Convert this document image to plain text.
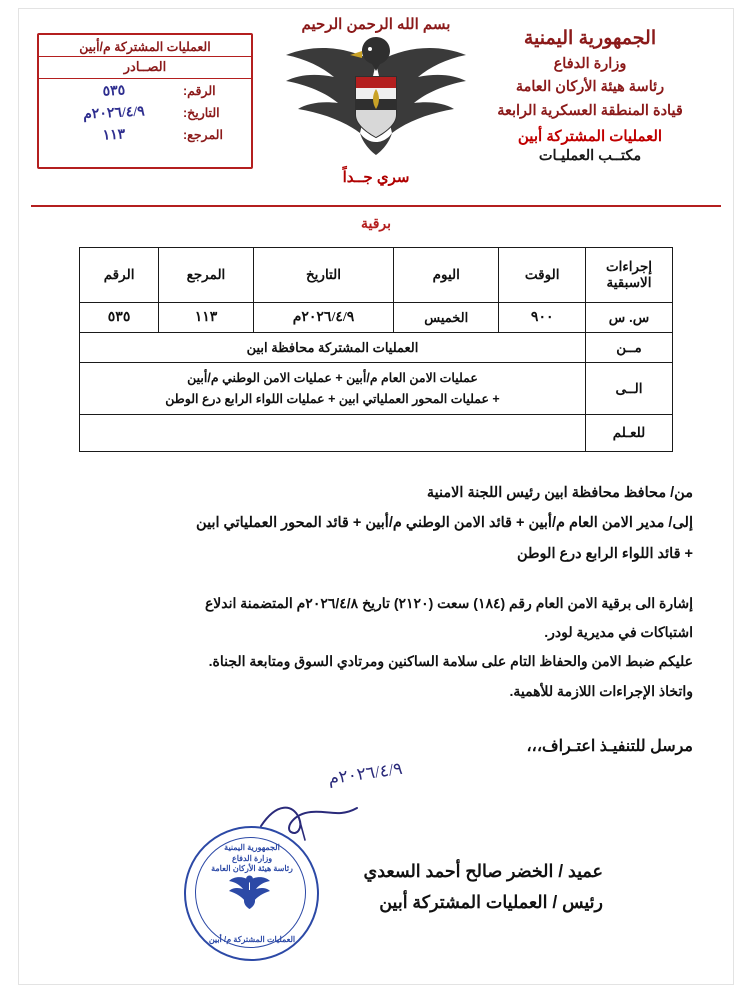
الجمهورية اليمنية
وزارة الدفاع
رئاسة هيئة الأركان العامة
قيادة المنطقة العسكرية الرابعة
العمليات المشتركة أبين
مكتــب العمليـات
بسم الله الرحمن الرحيم
سري جــداً
العمليات المشتركة م/أبين
الصــادر
الرقم:
٥٣٥
التاريخ:
٢٠٢٦/٤/٩م
المرجع:
١١٣
برقية
إجراءات الاسبقية	الوقت	اليوم	التاريخ	المرجع	الرقم
س. س	٩٠٠	الخميس	٢٠٢٦/٤/٩م	١١٣	٥٣٥
مــن	العمليات المشتركة محافظة ابين				
الــى	عمليات الامن العام م/أبين + عمليات الامن الوطني م/أبين
+ عمليات المحور العملياتي ابين + عمليات اللواء الرابع درع الوطن				

للعـلم					
من/ محافظ محافظة ابين رئيس اللجنة الامنية
إلى/ مدير الامن العام م/أبين + قائد الامن الوطني م/أبين + قائد المحور العملياتي ابين
+ قائد اللواء الرابع درع الوطن
إشارة الى برقية الامن العام رقم (١٨٤) سعت (٢١٢٠) تاريخ ٢٠٢٦/٤/٨م المتضمنة اندلاع
اشتباكات في مديرية لودر.
عليكم ضبط الامن والحفاظ التام على سلامة الساكنين ومرتادي السوق ومتابعة الجناة.
واتخاذ الإجراءات اللازمة للأهمية.
مرسل للتنفيـذ اعتـراف،،،
٢٠٢٦/٤/٩م
عميد / الخضر صالح أحمد السعدي
رئيس / العمليات المشتركة أبين
الجمهورية اليمنية
وزارة الدفاع
رئاسة هيئة الأركان العامة
العمليات المشتركة م/ أبين
